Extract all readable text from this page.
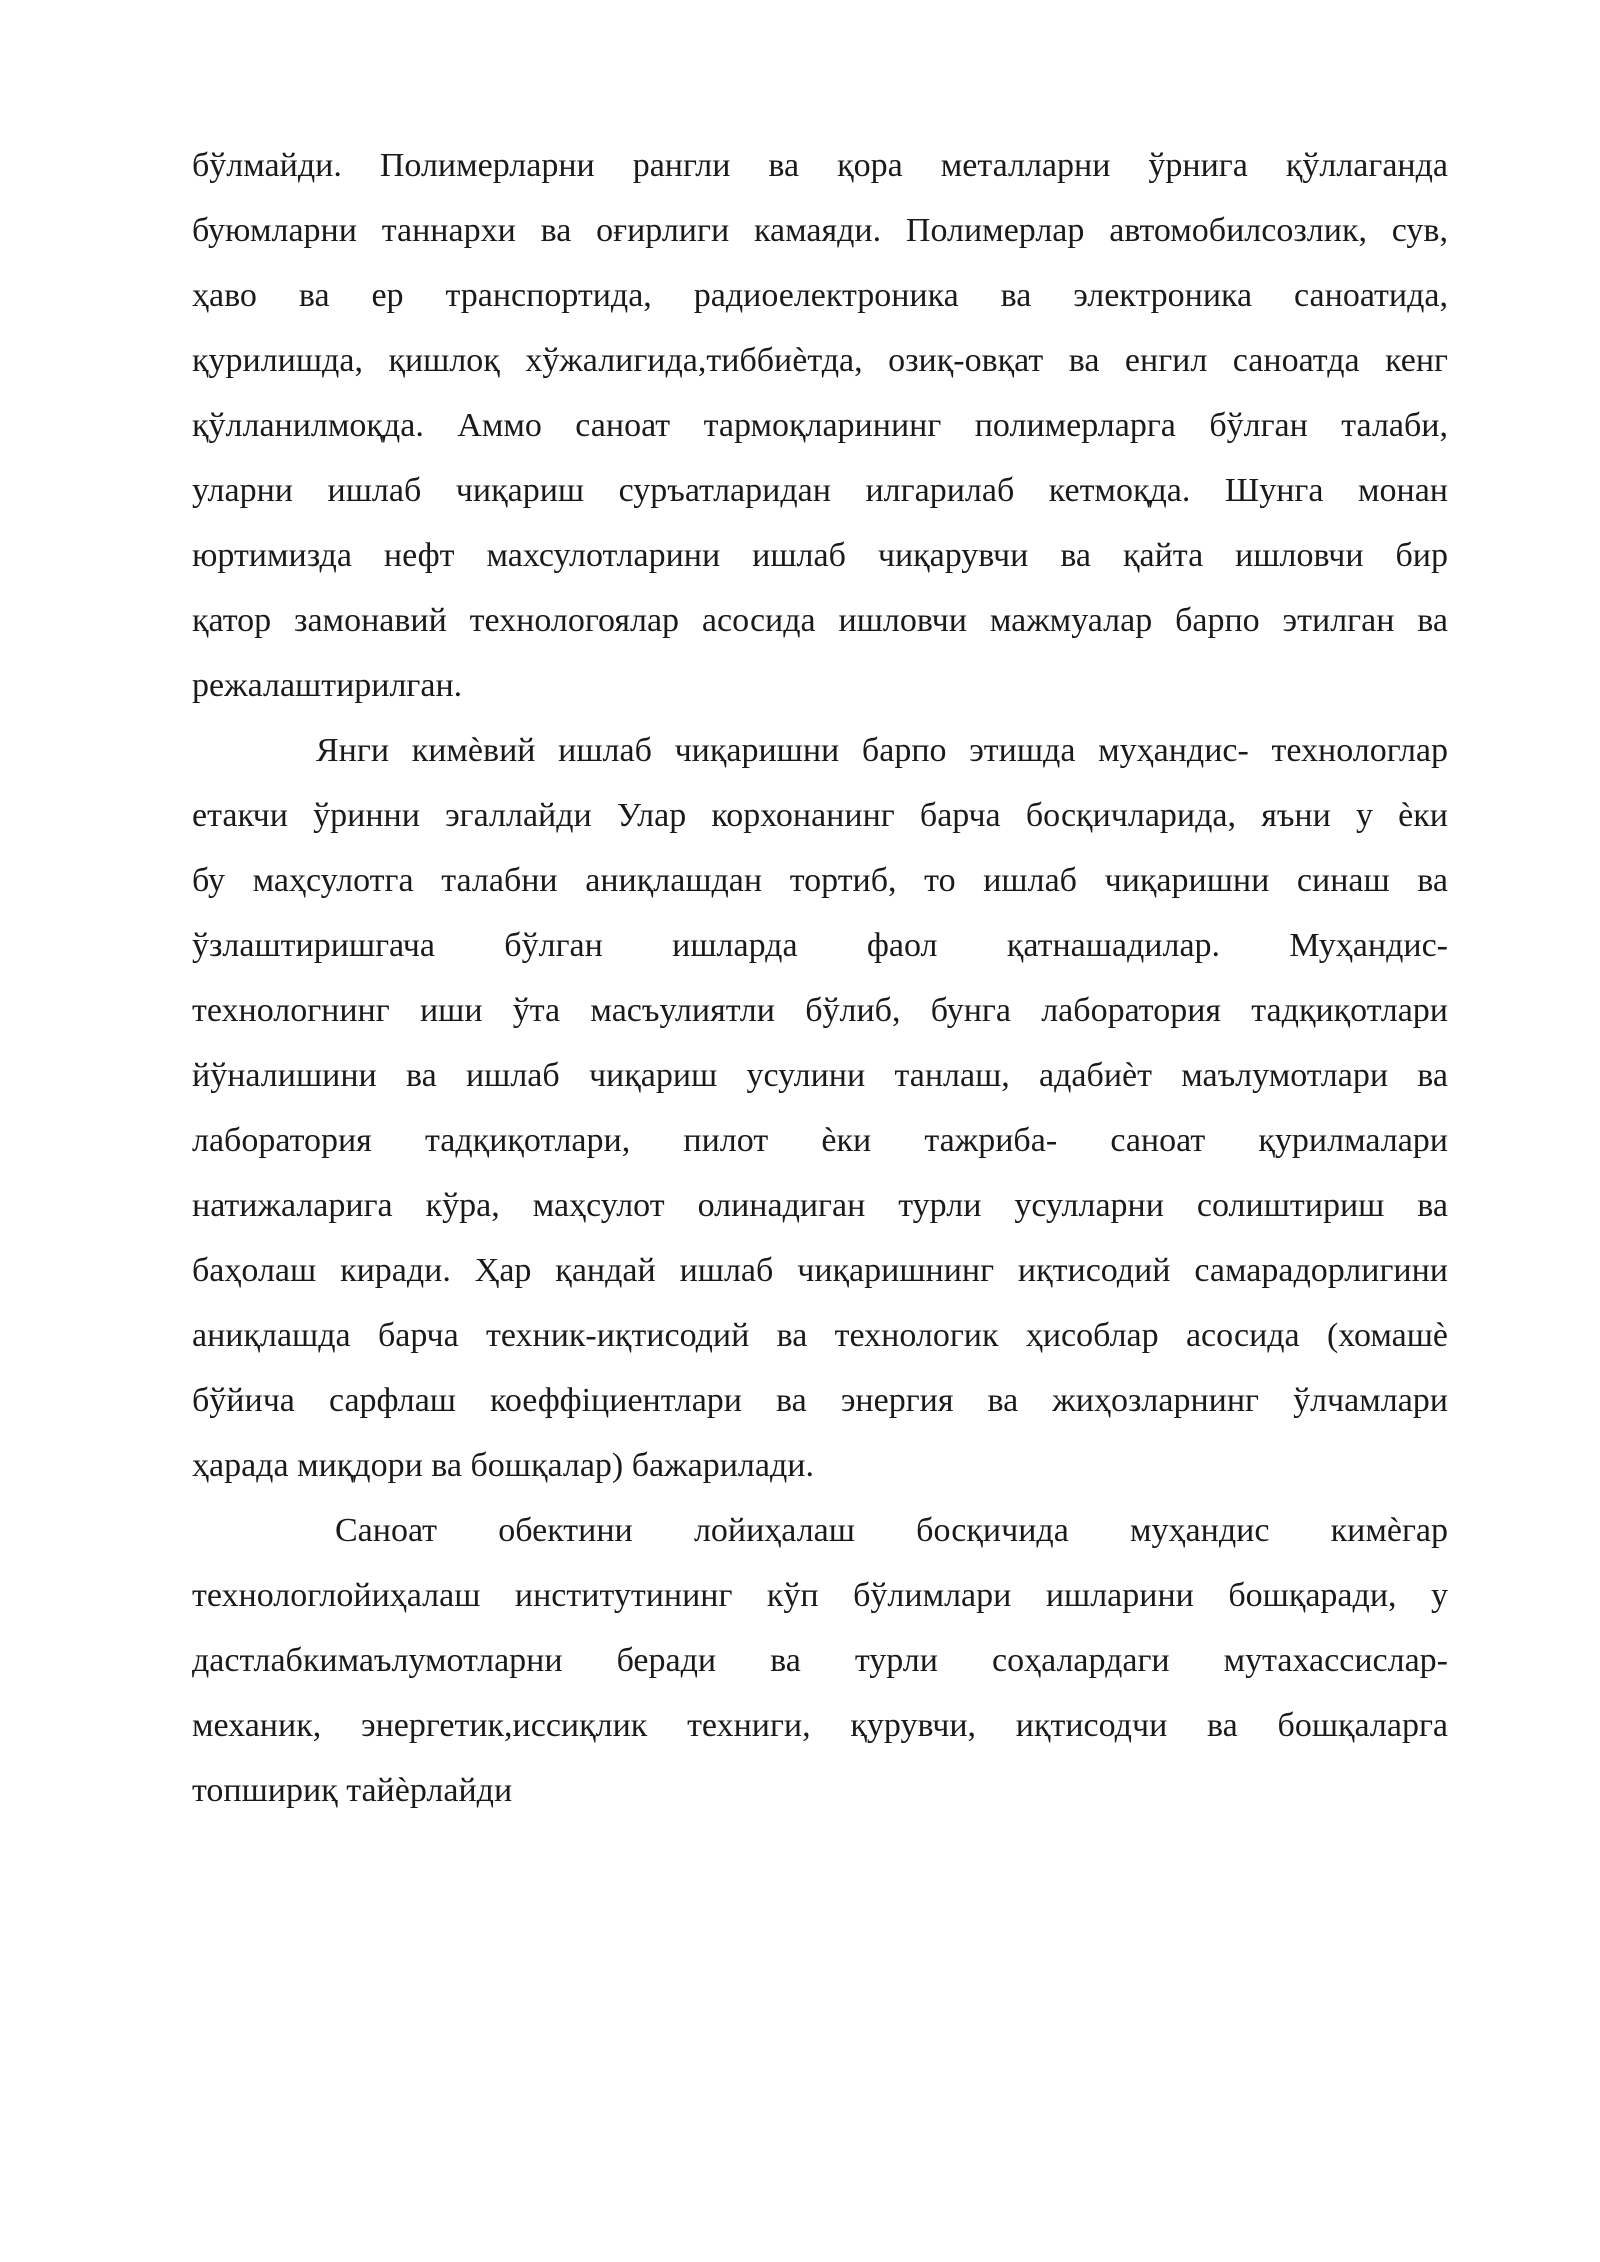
бўлмайди. Полимерларни рангли ва қора металларни ўрнига қўллаганда
буюмларни таннархи ва оғирлиги камаяди. Полимерлар автомобилсозлик, сув,
ҳаво ва ер транспортида, радиоелектроника ва электроника саноатида,
қурилишда, қишлоқ хўжалигида,тиббиѐтда, озиқ-овқат ва енгил саноатда кенг
қўлланилмоқда. Аммо саноат тармоқларининг полимерларга бўлган талаби,
уларни ишлаб чиқариш суръатларидан илгарилаб кетмоқда. Шунга монан
юртимизда нефт махсулотларини ишлаб чиқарувчи ва қайта ишловчи бир
қатор замонавий технологоялар асосида ишловчи мажмуалар барпо этилган ва
режалаштирилган.
Янги кимѐвий ишлаб чиқаришни барпо этишда муҳандис- технологлар
етакчи ўринни эгаллайди Улар корхонанинг барча босқичларида, яъни у ѐки
бу маҳсулотга талабни аниқлашдан тортиб, то ишлаб чиқаришни синаш ва
ўзлаштиришгача бўлган ишларда фаол қатнашадилар. Муҳандис-
технологнинг иши ўта масъулиятли бўлиб, бунга лаборатория тадқиқотлари
йўналишини ва ишлаб чиқариш усулини танлаш, адабиѐт маълумотлари ва
лаборатория тадқиқотлари, пилот ѐки тажриба- саноат қурилмалари
натижаларига кўра, маҳсулот олинадиган турли усулларни солиштириш ва
баҳолаш киради. Ҳар қандай ишлаб чиқаришнинг иқтисодий самарадорлигини
аниқлашда барча техник-иқтисодий ва технологик ҳисоблар асосида (хомашѐ
бўйича сарфлаш коеффіциентлари ва энергия ва жиҳозларнинг ўлчамлари
ҳарада миқдори ва бошқалар) бажарилади.
Саноат обектини лойиҳалаш босқичида муҳандис кимѐгар
технологлойиҳалаш институтининг кўп бўлимлари ишларини бошқаради, у
дастлабкимаълумотларни беради ва турли соҳалардаги мутахассислар-
механик, энергетик,иссиқлик техниги, қурувчи, иқтисодчи ва бошқаларга
топшириқ тайѐрлайди
